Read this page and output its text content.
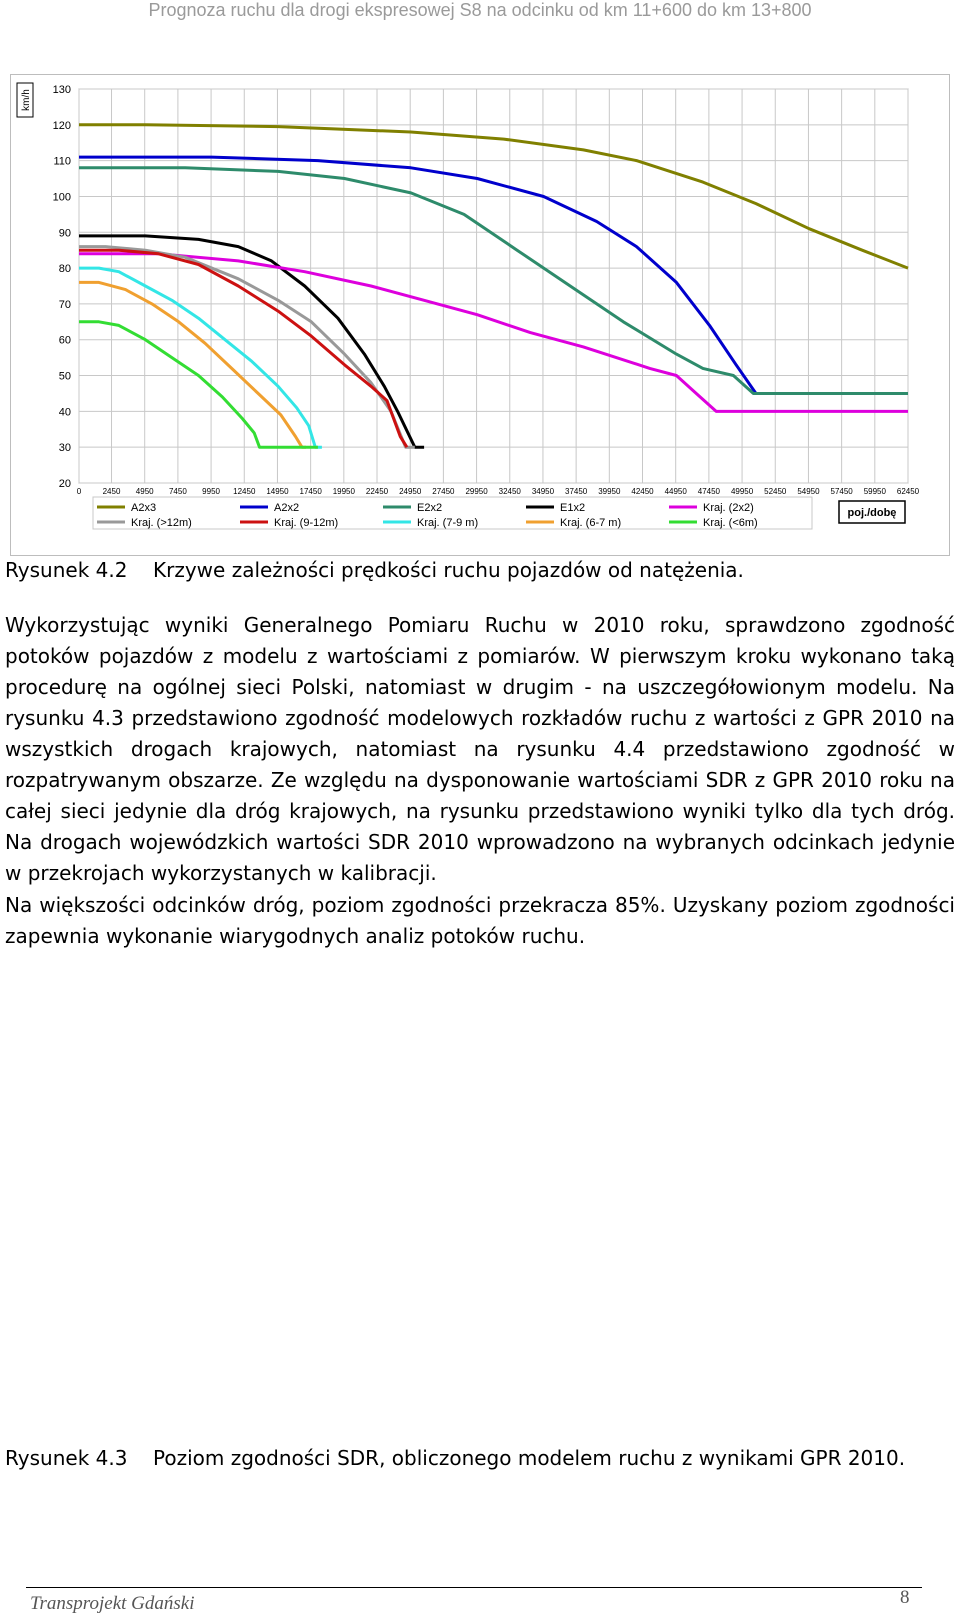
Prognoza ruchu dla drogi ekspresowej S8 na odcinku od km 11+600 do km 13+800
20
30
40
50
60
70
80
90
100
110
120
130
0	2450 4950 7450 9950 12450 14950 17450 19950 22450 24950 27450 29950 32450 34950 37450 39950 42450 44950 47450 49950 52450 54950 57450 59950 62450
km/h
A2x3	A2x2	E2x2	E1x2	Kraj. (2x2)
Kraj. (>12m)	Kraj. (9-12m)	Kraj. (7-9 m)	Kraj. (6-7 m)	Kraj. (<6m)
poj./dobę
Rysunek 4.2 Krzywe zależności prędkości ruchu pojazdów od natężenia.

Wykorzystując wyniki Generalnego Pomiaru Ruchu w 2010 roku, sprawdzono zgodność potoków pojazdów z modelu z wartościami z pomiarów. W pierwszym kroku wykonano taką procedurę na ogólnej sieci Polski, natomiast w drugim - na uszczegółowionym modelu. Na rysunku 4.3 przedstawiono zgodność modelowych rozkładów ruchu z wartości z GPR 2010 na wszystkich drogach krajowych, natomiast na rysunku 4.4 przedstawiono zgodność w rozpatrywanym obszarze. Ze względu na dysponowanie wartościami SDR z GPR 2010 roku na całej sieci jedynie dla dróg krajowych, na rysunku przedstawiono wyniki tylko dla tych dróg. Na drogach wojewódzkich wartości SDR 2010 wprowadzono na wybranych odcinkach jedynie w przekrojach wykorzystanych w kalibracji.

Na większości odcinków dróg, poziom zgodności przekracza 85%. Uzyskany poziom zgodności zapewnia wykonanie wiarygodnych analiz potoków ruchu.

Rysunek 4.3 Poziom zgodności SDR, obliczonego modelem ruchu z wynikami GPR 2010.
Transprojekt Gdański	8
